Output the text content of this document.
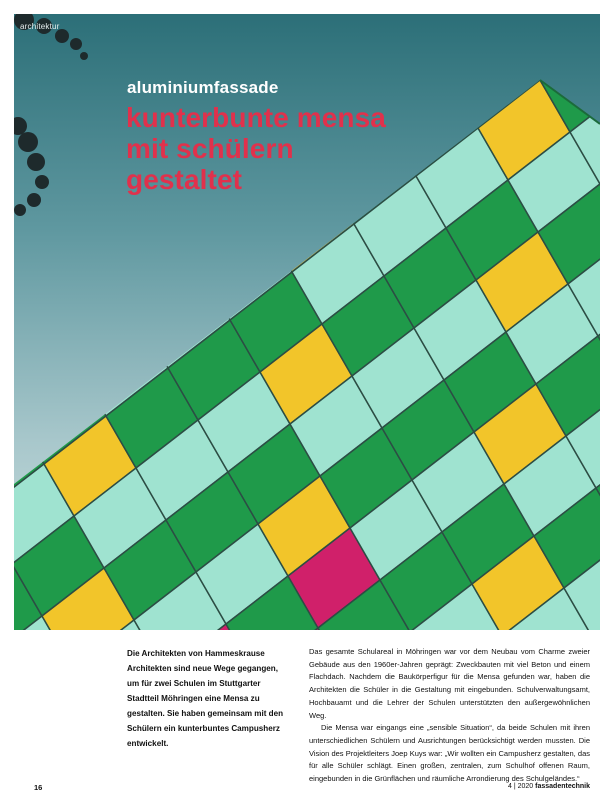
architektur
aluminiumfassade
kunterbunte mensa
mit schülern
gestaltet
Die Architekten von Hammeskrause Architekten sind neue Wege gegangen, um für zwei Schulen im Stuttgarter Stadtteil Möhringen eine Mensa zu gestalten. Sie haben gemeinsam mit den Schülern ein kunterbuntes Campusherz entwickelt.

Das gesamte Schulareal in Möhringen war vor dem Neubau vom Charme zweier Gebäude aus den 1960er-Jahren geprägt: Zweckbauten mit viel Beton und einem Flachdach. Nachdem die Baukörperfigur für die Mensa gefunden war, haben die Architekten die Schüler in die Gestaltung mit eingebunden. Schulverwaltungsamt, Hochbauamt und die Lehrer der Schulen unterstützten den außergewöhnlichen Weg.

Die Mensa war eingangs eine „sensible Situation“, da beide Schulen mit ihren unterschiedlichen Schülern und Ausrichtungen berücksichtigt werden mussten. Die Vision des Projektleiters Joep Kuys war: „Wir wollten ein Campusherz gestalten, das für alle Schüler schlägt. Einen großen, zentralen, zum Schulhof offenen Raum, eingebunden in die Grünflächen und räumliche Arrondierung des Schulgeländes.“

16	4 | 2020 fassadentechnik
